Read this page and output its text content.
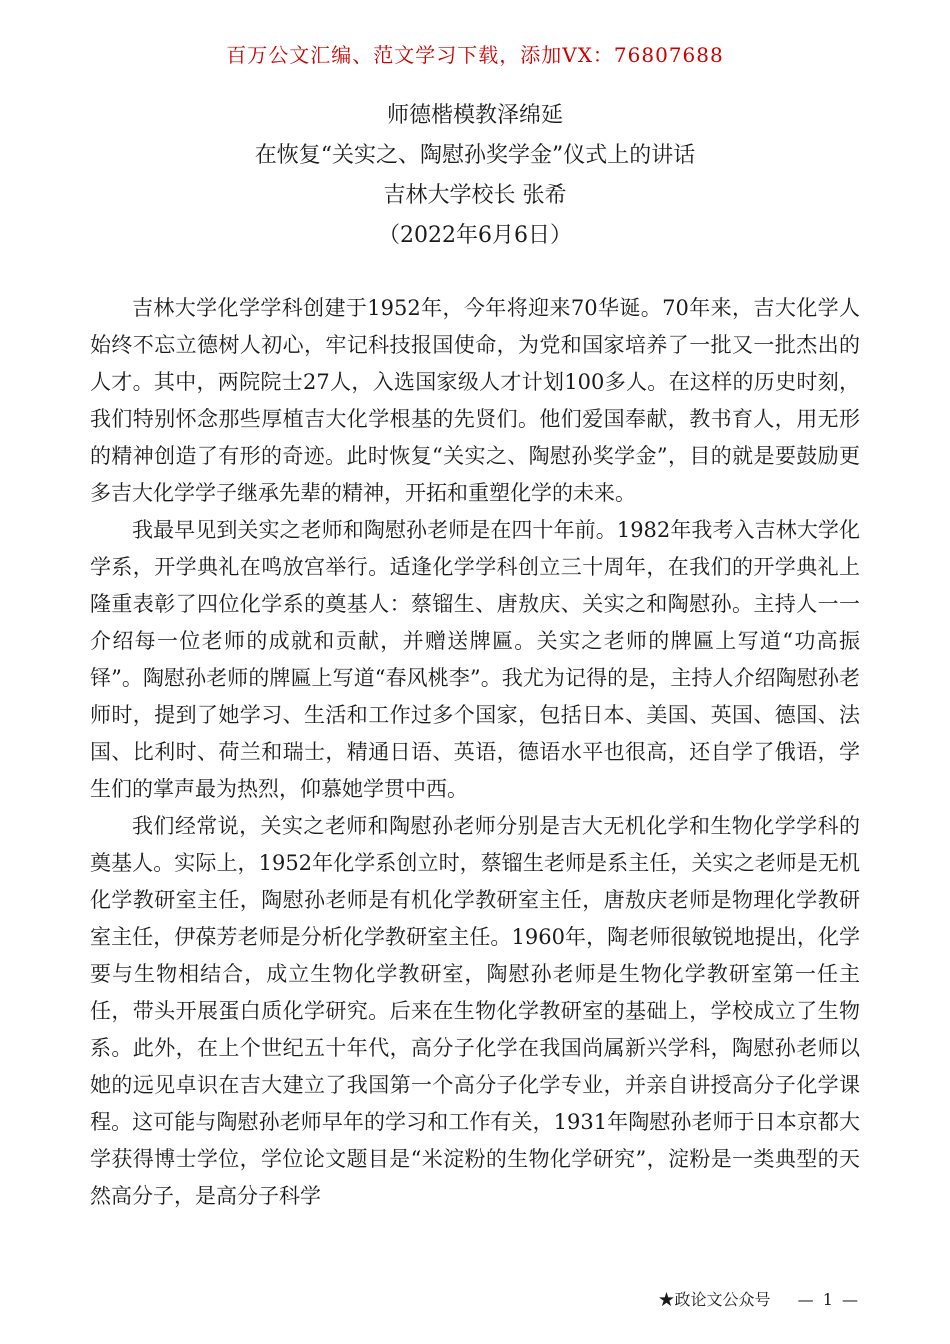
百万公文汇编、范文学习下载，添加VX：76807688
师德楷模教泽绵延
在恢复“关实之、陶慰孙奖学金”仪式上的讲话
吉林大学校长 张希
（2022年6月6日）

吉林大学化学学科创建于1952年，今年将迎来70华诞。70年来，吉大化学人始终不忘立德树人初心，牢记科技报国使命，为党和国家培养了一批又一批杰出的人才。其中，两院院士27人，入选国家级人才计划100多人。在这样的历史时刻，我们特别怀念那些厚植吉大化学根基的先贤们。他们爱国奉献，教书育人，用无形的精神创造了有形的奇迹。此时恢复“关实之、陶慰孙奖学金”，目的就是要鼓励更多吉大化学学子继承先辈的精神，开拓和重塑化学的未来。

我最早见到关实之老师和陶慰孙老师是在四十年前。1982年我考入吉林大学化学系，开学典礼在鸣放宫举行。适逢化学学科创立三十周年，在我们的开学典礼上隆重表彰了四位化学系的奠基人：蔡镏生、唐敖庆、关实之和陶慰孙。主持人一一介绍每一位老师的成就和贡献，并赠送牌匾。关实之老师的牌匾上写道“功高振铎”。陶慰孙老师的牌匾上写道“春风桃李”。我尤为记得的是，主持人介绍陶慰孙老师时，提到了她学习、生活和工作过多个国家，包括日本、美国、英国、德国、法国、比利时、荷兰和瑞士，精通日语、英语，德语水平也很高，还自学了俄语，学生们的掌声最为热烈，仰慕她学贯中西。

我们经常说，关实之老师和陶慰孙老师分别是吉大无机化学和生物化学学科的奠基人。实际上，1952年化学系创立时，蔡镏生老师是系主任，关实之老师是无机化学教研室主任，陶慰孙老师是有机化学教研室主任，唐敖庆老师是物理化学教研室主任，伊葆芳老师是分析化学教研室主任。1960年，陶老师很敏锐地提出，化学要与生物相结合，成立生物化学教研室，陶慰孙老师是生物化学教研室第一任主任，带头开展蛋白质化学研究。后来在生物化学教研室的基础上，学校成立了生物系。此外，在上个世纪五十年代，高分子化学在我国尚属新兴学科，陶慰孙老师以她的远见卓识在吉大建立了我国第一个高分子化学专业，并亲自讲授高分子化学课程。这可能与陶慰孙老师早年的学习和工作有关，1931年陶慰孙老师于日本京都大学获得博士学位，学位论文题目是“米淀粉的生物化学研究”，淀粉是一类典型的天然高分子，是高分子科学

★政论文公众号 — 1 —
